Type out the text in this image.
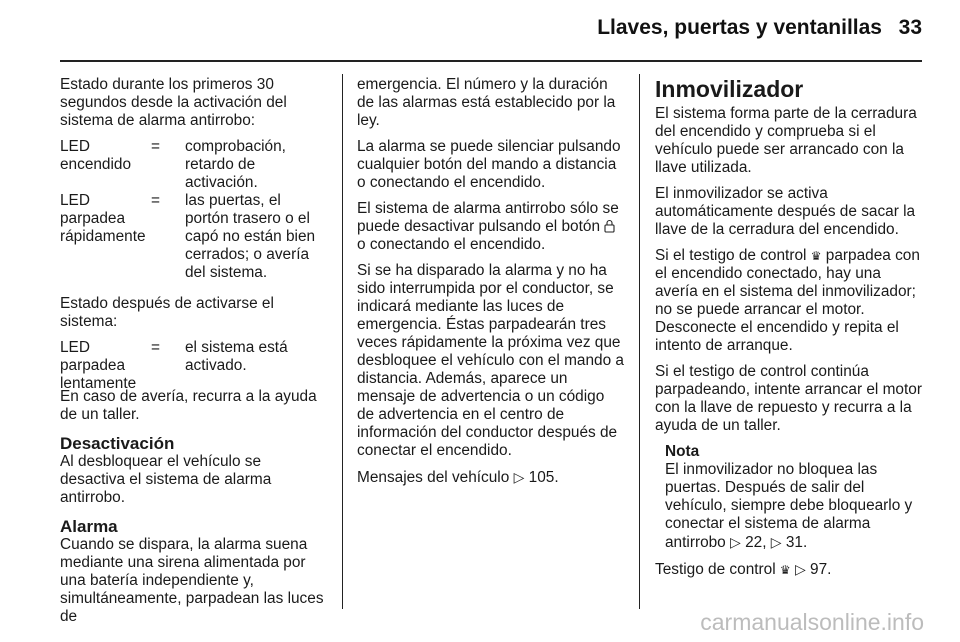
Llaves, puertas y ventanillas 33

Estado durante los primeros 30 segundos desde la activación del sistema de alarma antirrobo:

LED encendido
= comprobación, retardo de activación.
LED parpadea rápidamente
= las puertas, el portón trasero o el capó no están bien cerrados; o avería del sistema.

Estado después de activarse el sistema:

LED parpadea lentamente
= el sistema está activado.

En caso de avería, recurra a la ayuda de un taller.

Desactivación

Al desbloquear el vehículo se desactiva el sistema de alarma antirrobo.

Alarma

Cuando se dispara, la alarma suena mediante una sirena alimentada por una batería independiente y, simultáneamente, parpadean las luces de

emergencia. El número y la duración de las alarmas está establecido por la ley.

La alarma se puede silenciar pulsando cualquier botón del mando a distancia o conectando el encendido.

El sistema de alarma antirrobo sólo se puede desactivar pulsando el botón  o conectando el encendido.

Si se ha disparado la alarma y no ha sido interrumpida por el conductor, se indicará mediante las luces de emergencia. Éstas parpadearán tres veces rápidamente la próxima vez que desbloquee el vehículo con el mando a distancia. Además, aparece un mensaje de advertencia o un código de advertencia en el centro de información del conductor después de conectar el encendido.

Mensajes del vehículo ▷ 105.

Inmovilizador

El sistema forma parte de la cerradura del encendido y comprueba si el vehículo puede ser arrancado con la llave utilizada.

El inmovilizador se activa automáticamente después de sacar la llave de la cerradura del encendido.

Si el testigo de control ♛ parpadea con el encendido conectado, hay una avería en el sistema del inmovilizador; no se puede arrancar el motor. Desconecte el encendido y repita el intento de arranque.

Si el testigo de control continúa parpadeando, intente arrancar el motor con la llave de repuesto y recurra a la ayuda de un taller.

Nota
El inmovilizador no bloquea las puertas. Después de salir del vehículo, siempre debe bloquearlo y conectar el sistema de alarma antirrobo ▷ 22, ▷ 31.

Testigo de control ♛ ▷ 97.

carmanualsonline.info
